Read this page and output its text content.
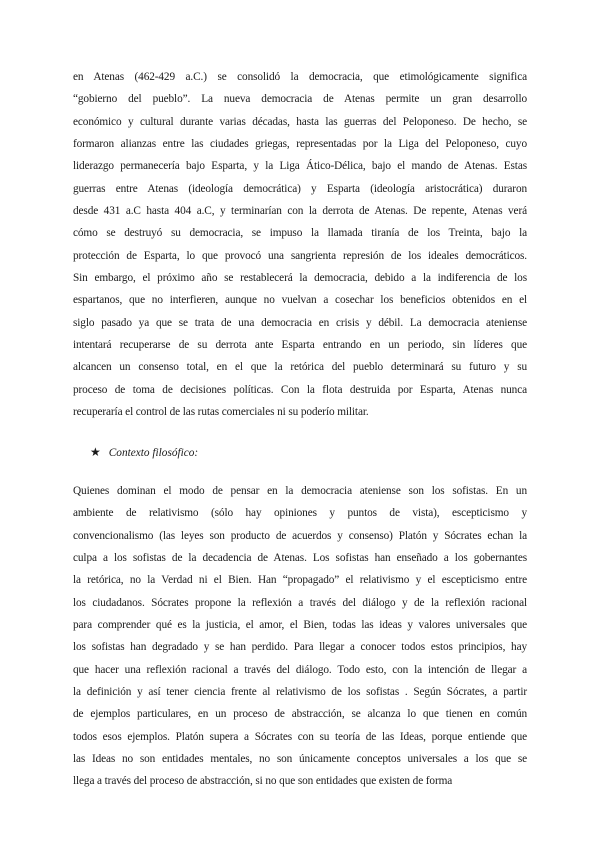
en Atenas (462-429 a.C.) se consolidó la democracia, que etimológicamente significa
“gobierno del pueblo”. La nueva democracia de Atenas permite un gran desarrollo
económico y cultural durante varias décadas, hasta las guerras del Peloponeso. De hecho, se
formaron alianzas entre las ciudades griegas, representadas por la Liga del Peloponeso, cuyo
liderazgo permanecería bajo Esparta, y la Liga Ático-Délica, bajo el mando de Atenas. Estas
guerras entre Atenas (ideología democrática) y Esparta (ideología aristocrática) duraron
desde 431 a.C hasta 404 a.C, y terminarían con la derrota de Atenas. De repente, Atenas verá
cómo se destruyó su democracia, se impuso la llamada tiranía de los Treinta, bajo la
protección de Esparta, lo que provocó una sangrienta represión de los ideales democráticos.
Sin embargo, el próximo año se restablecerá la democracia, debido a la indiferencia de los
espartanos, que no interfieren, aunque no vuelvan a cosechar los beneficios obtenidos en el
siglo pasado ya que se trata de una democracia en crisis y débil. La democracia ateniense
intentará recuperarse de su derrota ante Esparta entrando en un periodo, sin líderes que
alcancen un consenso total, en el que la retórica del pueblo determinará su futuro y su
proceso de toma de decisiones políticas. Con la flota destruida por Esparta, Atenas nunca
recuperaría el control de las rutas comerciales ni su poderío militar.
★ Contexto filosófico:
Quienes dominan el modo de pensar en la democracia ateniense son los sofistas. En un
ambiente de relativismo (sólo hay opiniones y puntos de vista), escepticismo y
convencionalismo (las leyes son producto de acuerdos y consenso) Platón y Sócrates echan la
culpa a los sofistas de la decadencia de Atenas. Los sofistas han enseñado a los gobernantes
la retórica, no la Verdad ni el Bien. Han “propagado” el relativismo y el escepticismo entre
los ciudadanos. Sócrates propone la reflexión a través del diálogo y de la reflexión racional
para comprender qué es la justicia, el amor, el Bien, todas las ideas y valores universales que
los sofistas han degradado y se han perdido. Para llegar a conocer todos estos principios, hay
que hacer una reflexión racional a través del diálogo. Todo esto, con la intención de llegar a
la definición y así tener ciencia frente al relativismo de los sofistas . Según Sócrates, a partir
de ejemplos particulares, en un proceso de abstracción, se alcanza lo que tienen en común
todos esos ejemplos. Platón supera a Sócrates con su teoría de las Ideas, porque entiende que
las Ideas no son entidades mentales, no son únicamente conceptos universales a los que se
llega a través del proceso de abstracción, si no que son entidades que existen de forma
